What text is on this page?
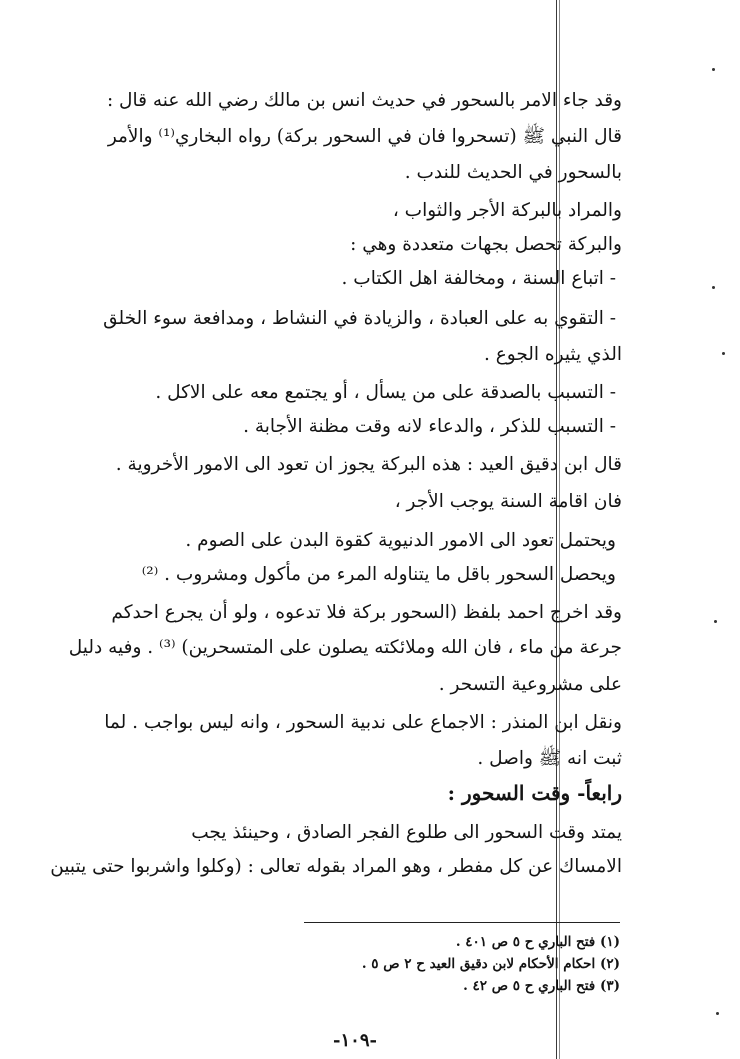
وقد جاء الامر بالسحور في حديث انس بن مالك رضي الله عنه قال :
قال النبي ﷺ (تسحروا فان في السحور بركة) رواه البخاري⁽¹⁾ والأمر
بالسحور في الحديث للندب .
والمراد بالبركة الأجر والثواب ،
والبركة تحصل بجهات متعددة وهي :
- اتباع السنة ، ومخالفة اهل الكتاب .
- التقوي به على العبادة ، والزيادة في النشاط ، ومدافعة سوء الخلق
الذي يثيره الجوع .
- التسبب بالصدقة على من يسأل ، أو يجتمع معه على الاكل .
- التسبب للذكر ، والدعاء لانه وقت مظنة الأجابة .
قال ابن دقيق العيد : هذه البركة يجوز ان تعود الى الامور الأخروية .
فان اقامة السنة يوجب الأجر ،
ويحتمل تعود الى الامور الدنيوية كقوة البدن على الصوم .
ويحصل السحور باقل ما يتناوله المرء من مأكول ومشروب . ⁽²⁾
وقد اخرج احمد بلفظ (السحور بركة فلا تدعوه ، ولو أن يجرع احدكم
جرعة من ماء ، فان الله وملائكته يصلون على المتسحرين) ⁽³⁾ . وفيه دليل
على مشروعية التسحر .
ونقل ابن المنذر : الاجماع على ندبية السحور ، وانه ليس بواجب . لما
ثبت انه ﷺ واصل .
رابعاً- وقت السحور :
يمتد وقت السحور الى طلوع الفجر الصادق ، وحينئذ يجب
الامساك عن كل مفطر ، وهو المراد بقوله تعالى : (وكلوا واشربوا حتى يتبين
(١) فتح الباري ح ٥ ص ٤٠١ .
(٢) احكام الأحكام لابن دقيق العيد ح ٢ ص ٥ .
(٣) فتح الباري ح ٥ ص ٤٢ .
-١٠٩-
